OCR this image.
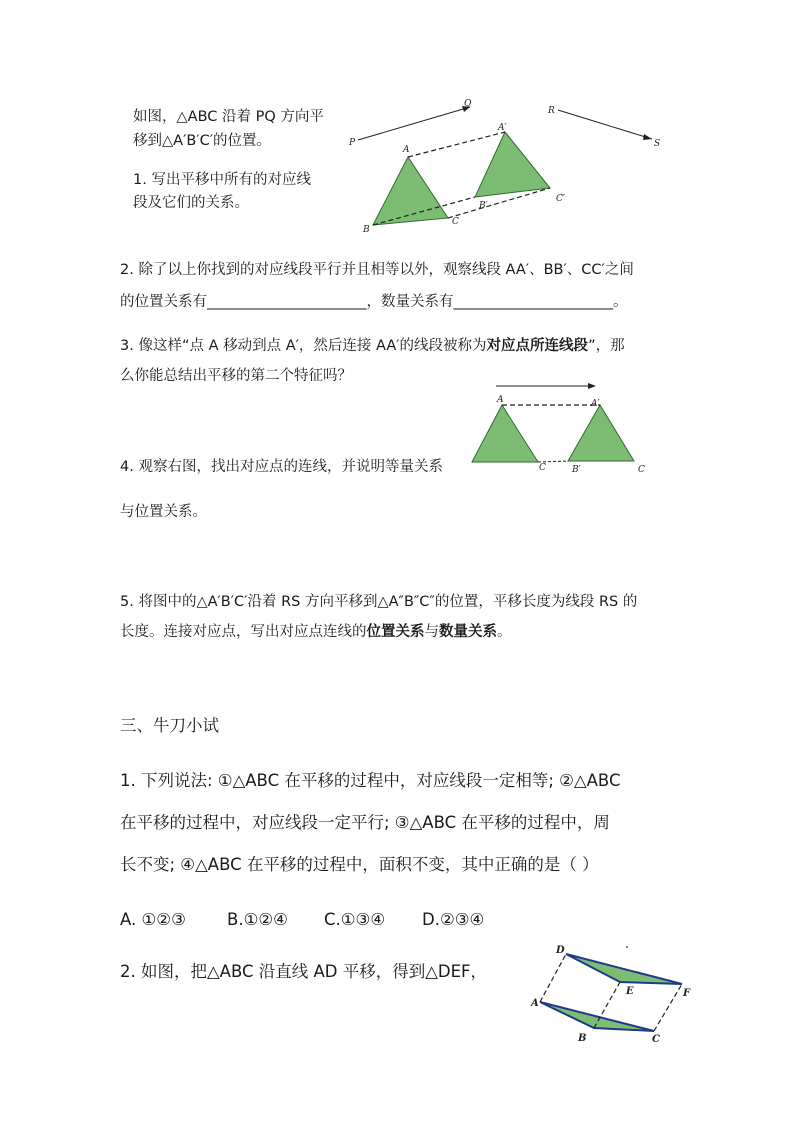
如图，△ABC 沿着 PQ 方向平
移到△A′B′C′的位置。
1. 写出平移中所有的对应线
段及它们的关系。
P
Q
R
S
A
B
C
A′
B′
C′
2. 除了以上你找到的对应线段平行并且相等以外，观察线段 AA′、BB′、CC′之间
的位置关系有______________________，数量关系有______________________。
3. 像这样“点 A 移动到点 A′，然后连接 AA′的线段被称为对应点所连线段”，那
么你能总结出平移的第二个特征吗？
A	A′
C	B′	C
4. 观察右图，找出对应点的连线，并说明等量关系
与位置关系。
5. 将图中的△A′B′C′沿着 RS 方向平移到△A″B″C″的位置，平移长度为线段 RS 的
长度。连接对应点，写出对应点连线的位置关系与数量关系。
三、牛刀小试
1. 下列说法: ①△ABC 在平移的过程中，对应线段一定相等; ②△ABC
在平移的过程中，对应线段一定平行; ③△ABC 在平移的过程中，周
长不变; ④△ABC 在平移的过程中，面积不变，其中正确的是（ ）
A. ①②③ B.①②④ C.①③④ D.②③④
2. 如图，把△ABC 沿直线 AD 平移，得到△DEF，
D
A
E	F
B	C
